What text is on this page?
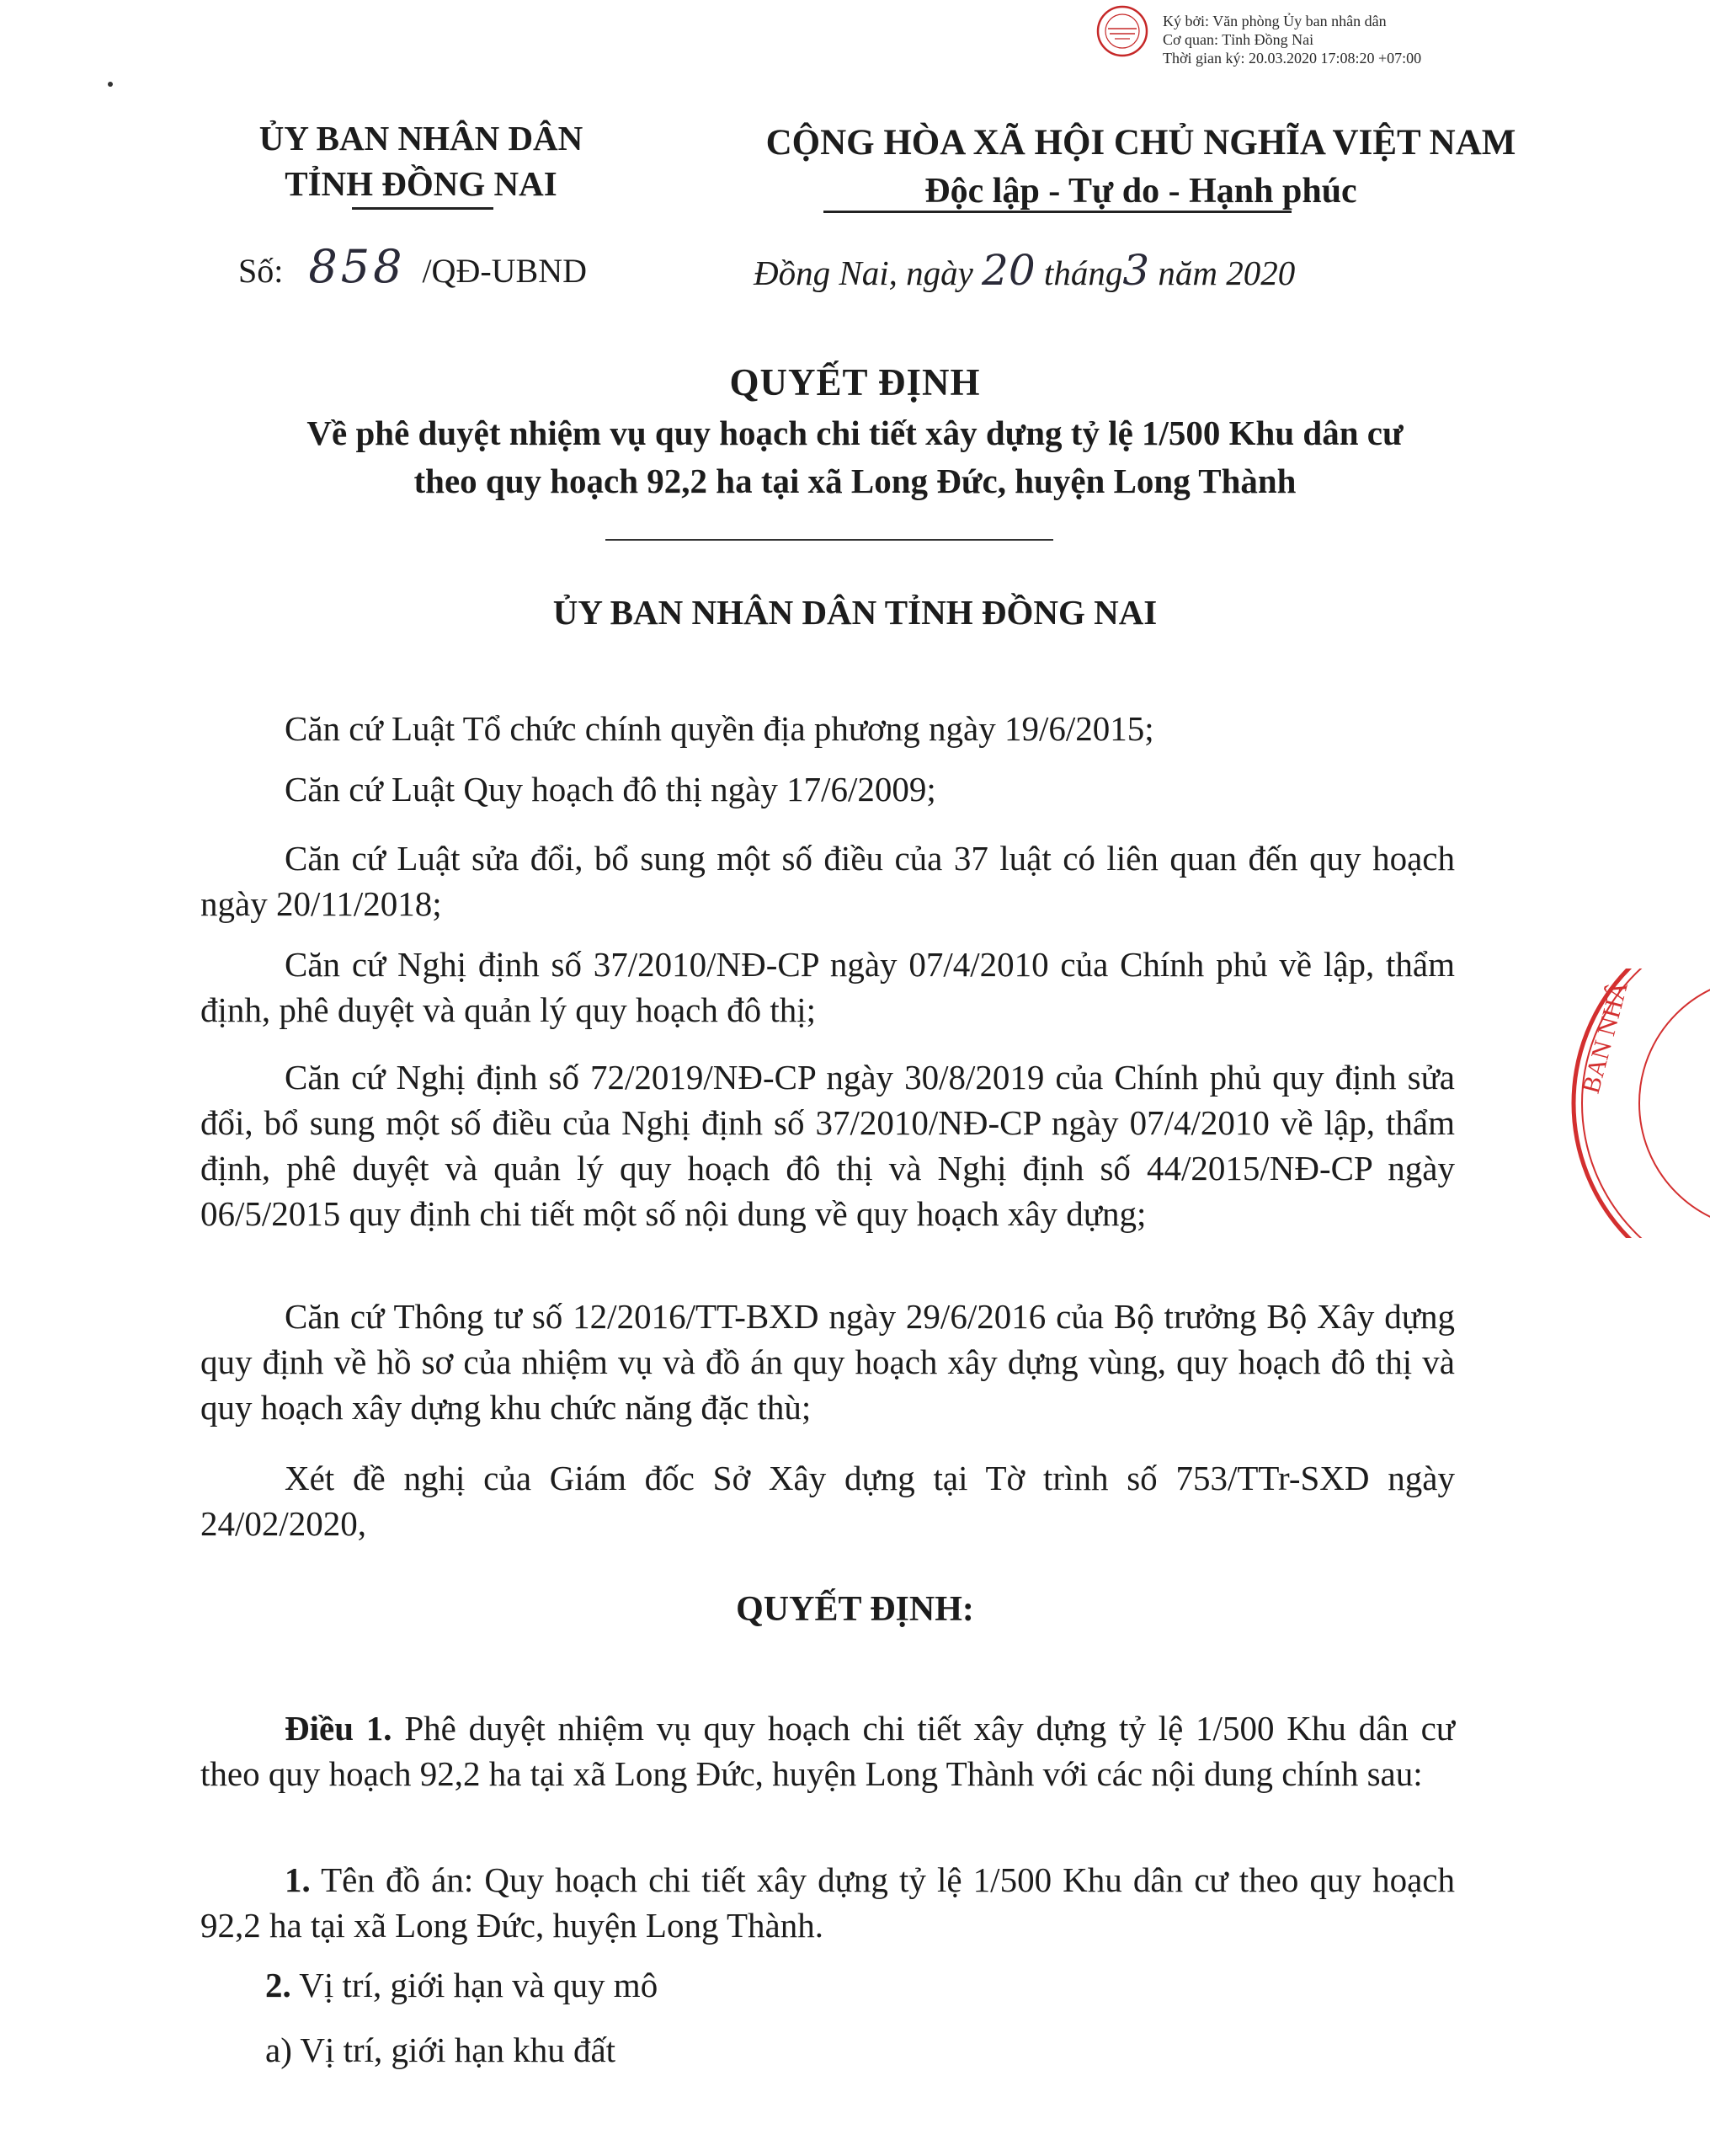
Ký bởi: Văn phòng Ủy ban nhân dân
Cơ quan: Tỉnh Đồng Nai
Thời gian ký: 20.03.2020 17:08:20 +07:00
ỦY BAN NHÂN DÂN
TỈNH ĐỒNG NAI
CỘNG HÒA XÃ HỘI CHỦ NGHĨA VIỆT NAM
Độc lập - Tự do - Hạnh phúc
Số: 858 /QĐ-UBND	Đồng Nai, ngày 20 tháng3 năm 2020
QUYẾT ĐỊNH
Về phê duyệt nhiệm vụ quy hoạch chi tiết xây dựng tỷ lệ 1/500 Khu dân cư
theo quy hoạch 92,2 ha tại xã Long Đức, huyện Long Thành
ỦY BAN NHÂN DÂN TỈNH ĐỒNG NAI
Căn cứ Luật Tổ chức chính quyền địa phương ngày 19/6/2015;
Căn cứ Luật Quy hoạch đô thị ngày 17/6/2009;
Căn cứ Luật sửa đổi, bổ sung một số điều của 37 luật có liên quan đến quy hoạch ngày 20/11/2018;
Căn cứ Nghị định số 37/2010/NĐ-CP ngày 07/4/2010 của Chính phủ về lập, thẩm định, phê duyệt và quản lý quy hoạch đô thị;
Căn cứ Nghị định số 72/2019/NĐ-CP ngày 30/8/2019 của Chính phủ quy định sửa đổi, bổ sung một số điều của Nghị định số 37/2010/NĐ-CP ngày 07/4/2010 về lập, thẩm định, phê duyệt và quản lý quy hoạch đô thị và Nghị định số 44/2015/NĐ-CP ngày 06/5/2015 quy định chi tiết một số nội dung về quy hoạch xây dựng;
Căn cứ Thông tư số 12/2016/TT-BXD ngày 29/6/2016 của Bộ trưởng Bộ Xây dựng quy định về hồ sơ của nhiệm vụ và đồ án quy hoạch xây dựng vùng, quy hoạch đô thị và quy hoạch xây dựng khu chức năng đặc thù;
Xét đề nghị của Giám đốc Sở Xây dựng tại Tờ trình số 753/TTr-SXD ngày 24/02/2020,
QUYẾT ĐỊNH:
Điều 1. Phê duyệt nhiệm vụ quy hoạch chi tiết xây dựng tỷ lệ 1/500 Khu dân cư theo quy hoạch 92,2 ha tại xã Long Đức, huyện Long Thành với các nội dung chính sau:
1. Tên đồ án: Quy hoạch chi tiết xây dựng tỷ lệ 1/500 Khu dân cư theo quy hoạch 92,2 ha tại xã Long Đức, huyện Long Thành.
2. Vị trí, giới hạn và quy mô
a) Vị trí, giới hạn khu đất
BAN NHÂ
